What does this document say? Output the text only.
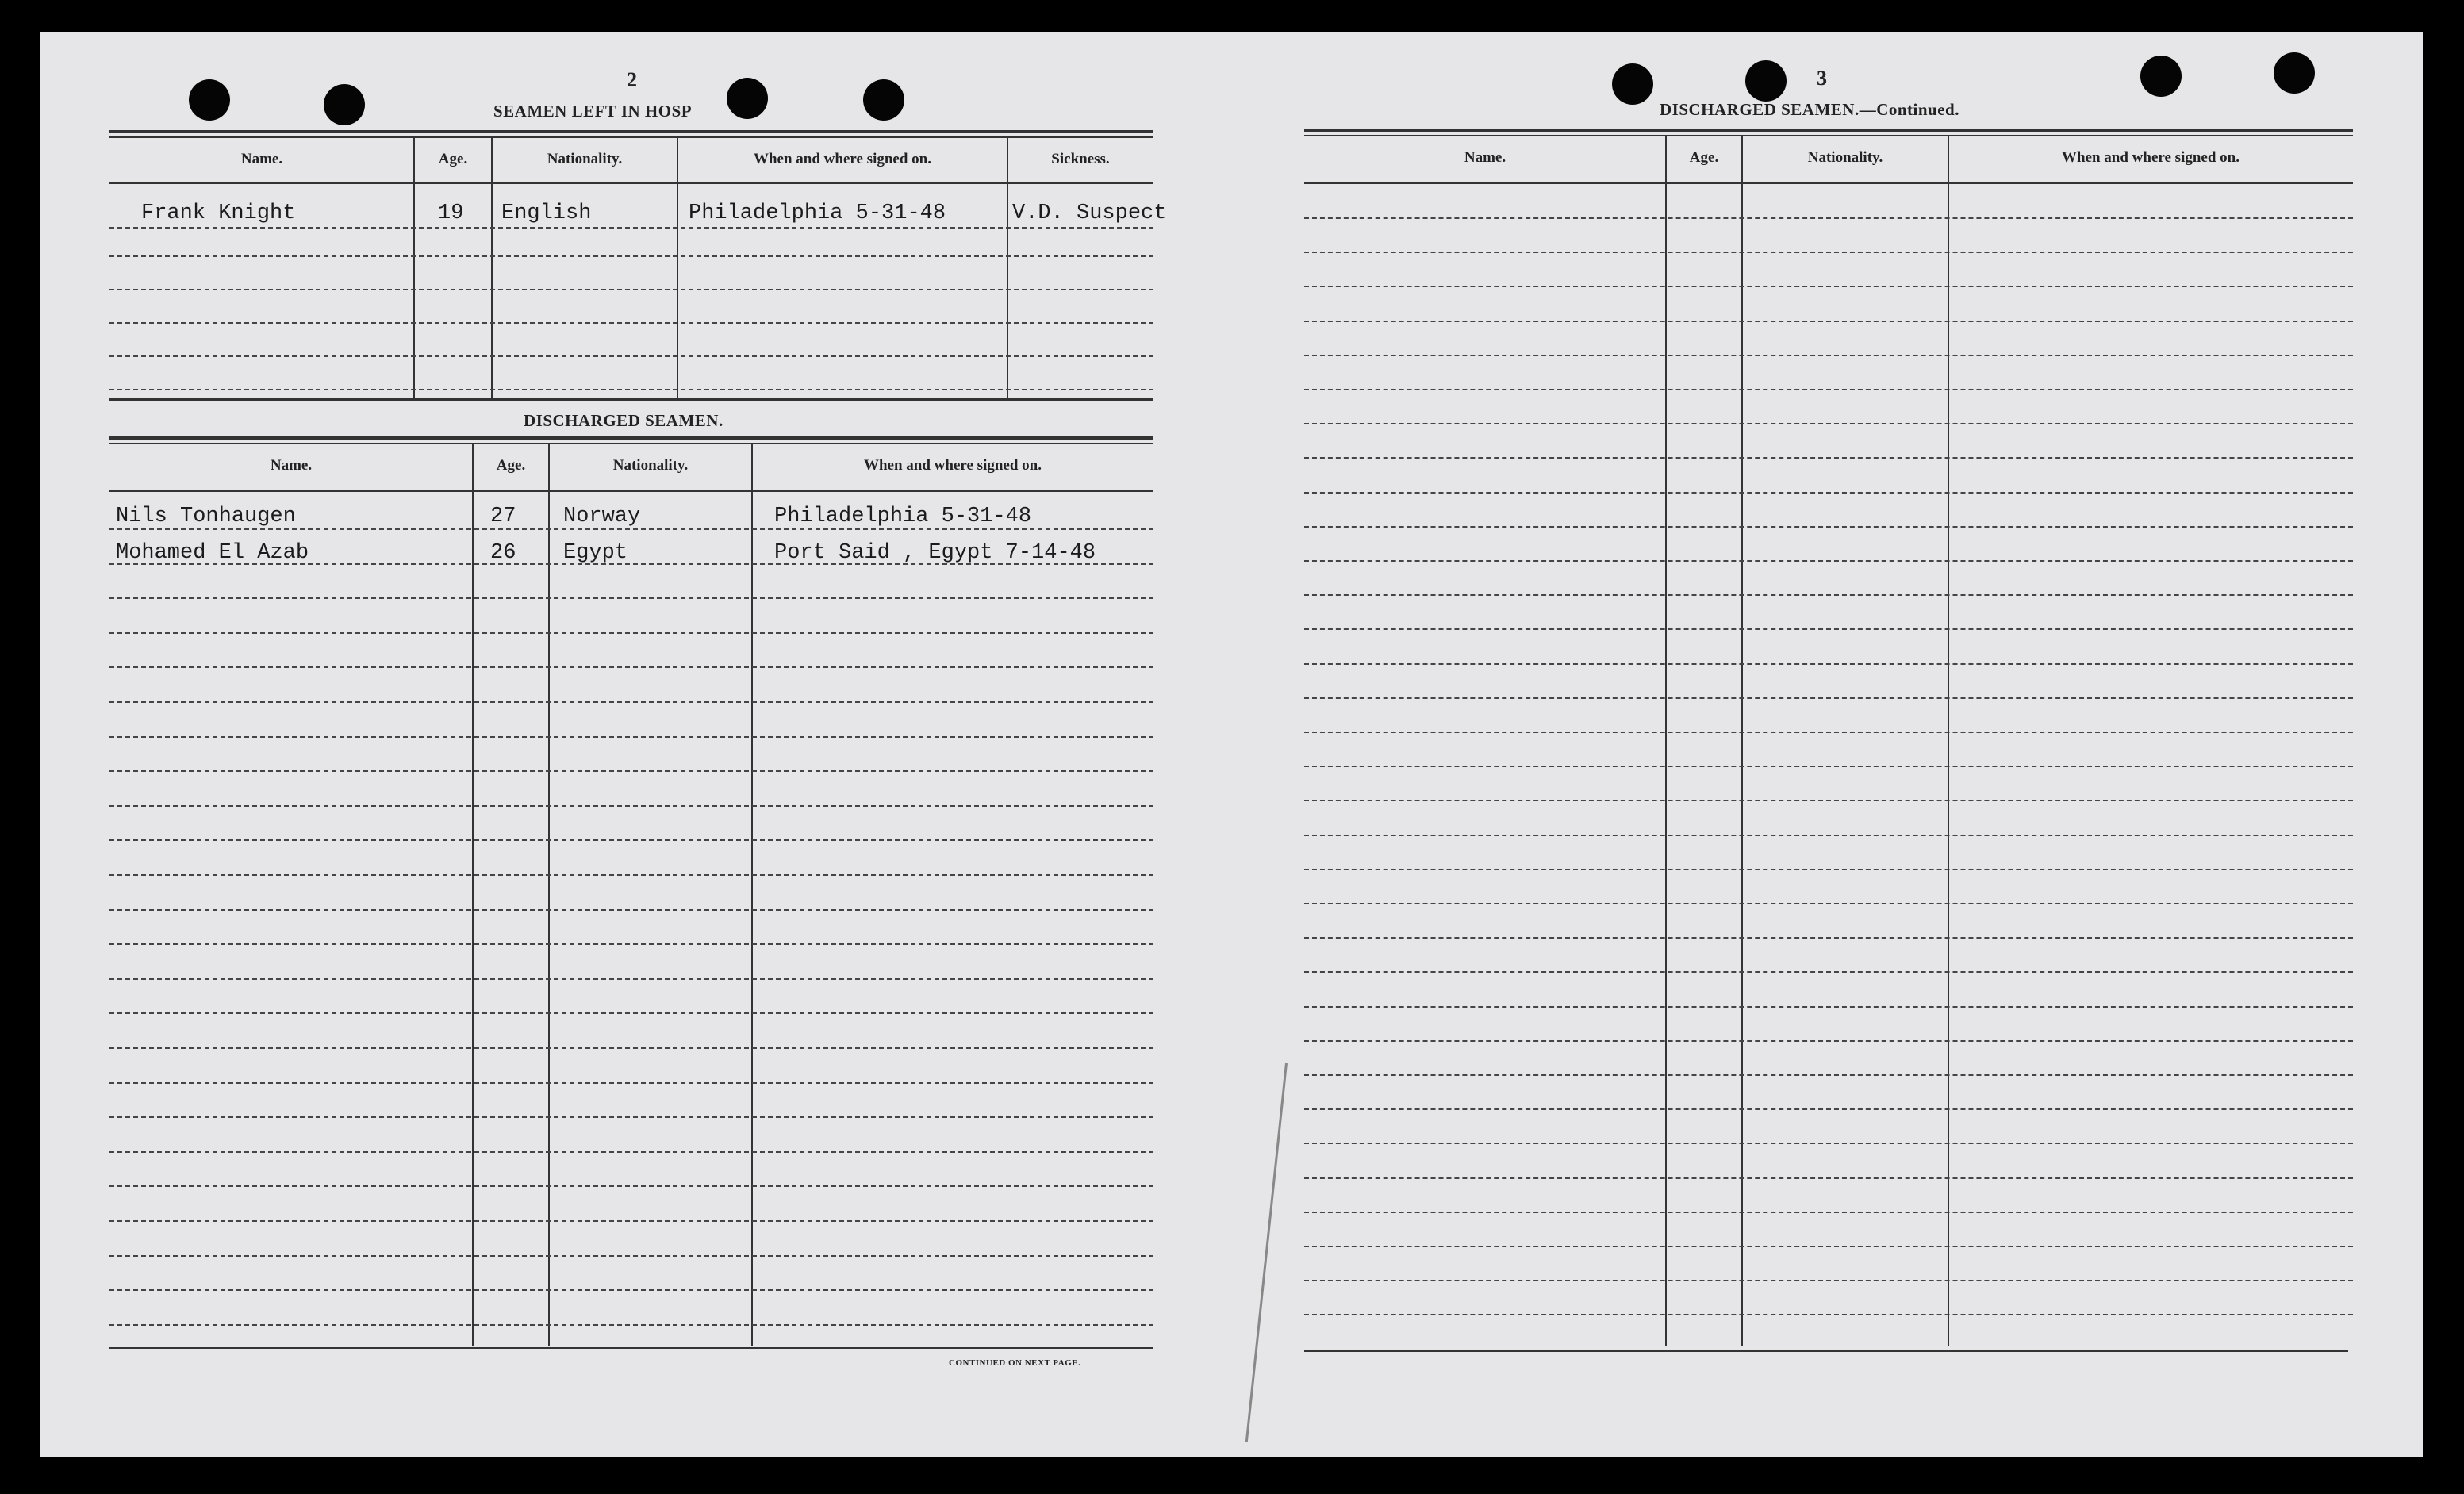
2
SEAMEN LEFT IN HOSP
Name.	Age.	Nationality.	When and where signed on.	Sickness.
Frank Knight	19 English	Philadelphia 5-31-48	V.D. Suspect
DISCHARGED SEAMEN.
Name.	Age.	Nationality.	When and where signed on.
Nils Tonhaugen	27 Norway	Philadelphia 5-31-48
Mohamed El Azab	26 Egypt	Port Said , Egypt 7-14-48
CONTINUED ON NEXT PAGE.
3
DISCHARGED SEAMEN.—Continued.
Name.	Age.	Nationality.	When and where signed on.
